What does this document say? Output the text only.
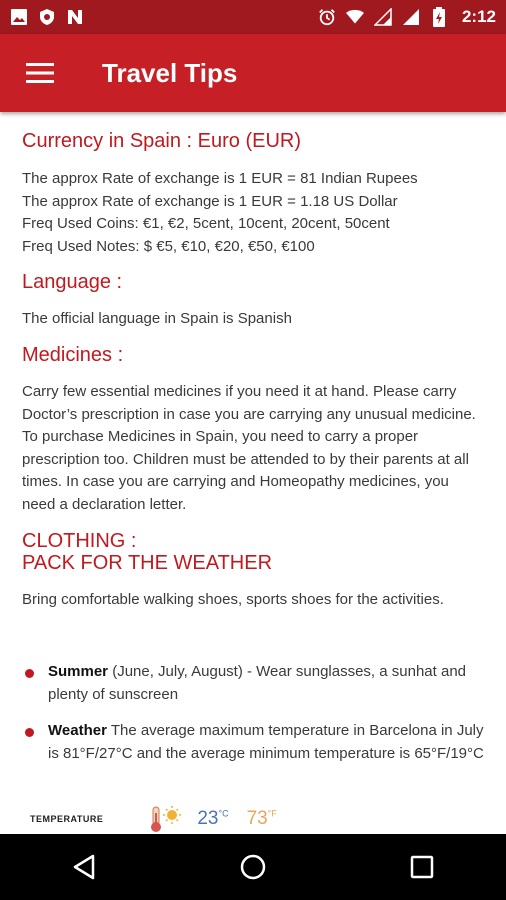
2:12
Travel Tips
Currency in Spain : Euro (EUR)

The approx Rate of exchange is 1 EUR = 81 Indian Rupees

The approx Rate of exchange is 1 EUR = 1.18 US Dollar

Freq Used Coins: €1, €2, 5cent, 10cent, 20cent, 50cent

Freq Used Notes: $ €5, €10, €20, €50, €100

Language :

The official language in Spain is Spanish

Medicines :

Carry few essential medicines if you need it at hand. Please carry Doctor’s prescription in case you are carrying any unusual medicine. To purchase Medicines in Spain, you need to carry a proper prescription too. Children must be attended to by their parents at all times. In case you are carrying and Homeopathy medicines, you need a declaration letter.

CLOTHING :
PACK FOR THE WEATHER

Bring comfortable walking shoes, sports shoes for the activities.

Summer (June, July, August) - Wear sunglasses, a sunhat and plenty of sunscreen

Weather The average maximum temperature in Barcelona in July is 81°F/27°C and the average minimum temperature is 65°F/19°C

TEMPERATURE	$23^{^\circ C}$ $73^{^\circ F}$
